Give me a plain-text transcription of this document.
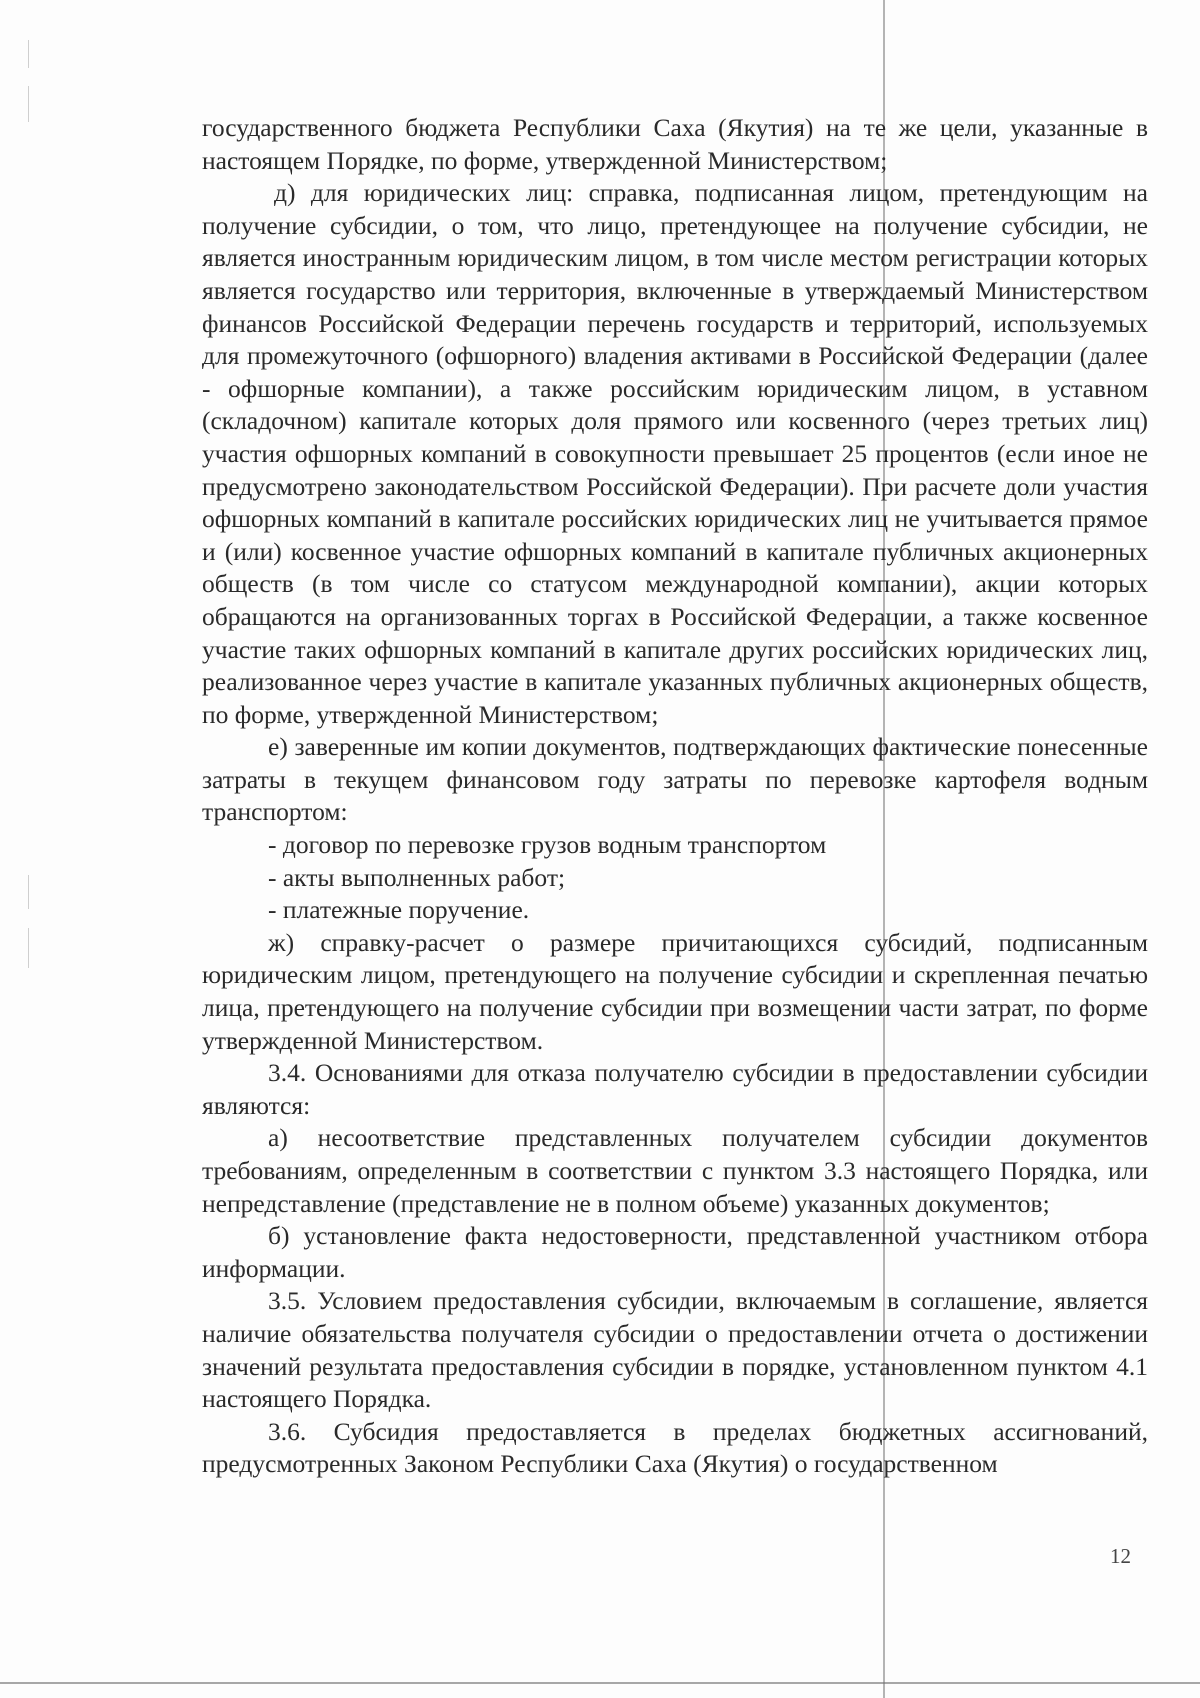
государственного бюджета Республики Саха (Якутия) на те же цели, указанные в настоящем Порядке, по форме, утвержденной Министерством;

д) для юридических лиц: справка, подписанная лицом, претендующим на получение субсидии, о том, что лицо, претендующее на получение субсидии, не является иностранным юридическим лицом, в том числе местом регистрации которых является государство или территория, включенные в утверждаемый Министерством финансов Российской Федерации перечень государств и территорий, используемых для промежуточного (офшорного) владения активами в Российской Федерации (далее - офшорные компании), а также российским юридическим лицом, в уставном (складочном) капитале которых доля прямого или косвенного (через третьих лиц) участия офшорных компаний в совокупности превышает 25 процентов (если иное не предусмотрено законодательством Российской Федерации). При расчете доли участия офшорных компаний в капитале российских юридических лиц не учитывается прямое и (или) косвенное участие офшорных компаний в капитале публичных акционерных обществ (в том числе со статусом международной компании), акции которых обращаются на организованных торгах в Российской Федерации, а также косвенное участие таких офшорных компаний в капитале других российских юридических лиц, реализованное через участие в капитале указанных публичных акционерных обществ, по форме, утвержденной Министерством;

е) заверенные им копии документов, подтверждающих фактические понесенные затраты в текущем финансовом году затраты по перевозке картофеля водным транспортом:

- договор по перевозке грузов водным транспортом

- акты выполненных работ;

- платежные поручение.

ж) справку-расчет о размере причитающихся субсидий, подписанным юридическим лицом, претендующего на получение субсидии и скрепленная печатью лица, претендующего на получение субсидии при возмещении части затрат, по форме утвержденной Министерством.

3.4. Основаниями для отказа получателю субсидии в предоставлении субсидии являются:

а) несоответствие представленных получателем субсидии документов требованиям, определенным в соответствии с пунктом 3.3 настоящего Порядка, или непредставление (представление не в полном объеме) указанных документов;

б) установление факта недостоверности, представленной участником отбора информации.

3.5. Условием предоставления субсидии, включаемым в соглашение, является наличие обязательства получателя субсидии о предоставлении отчета о достижении значений результата предоставления субсидии в порядке, установленном пунктом 4.1 настоящего Порядка.

3.6. Субсидия предоставляется в пределах бюджетных ассигнований, предусмотренных Законом Республики Саха (Якутия) о государственном

12
